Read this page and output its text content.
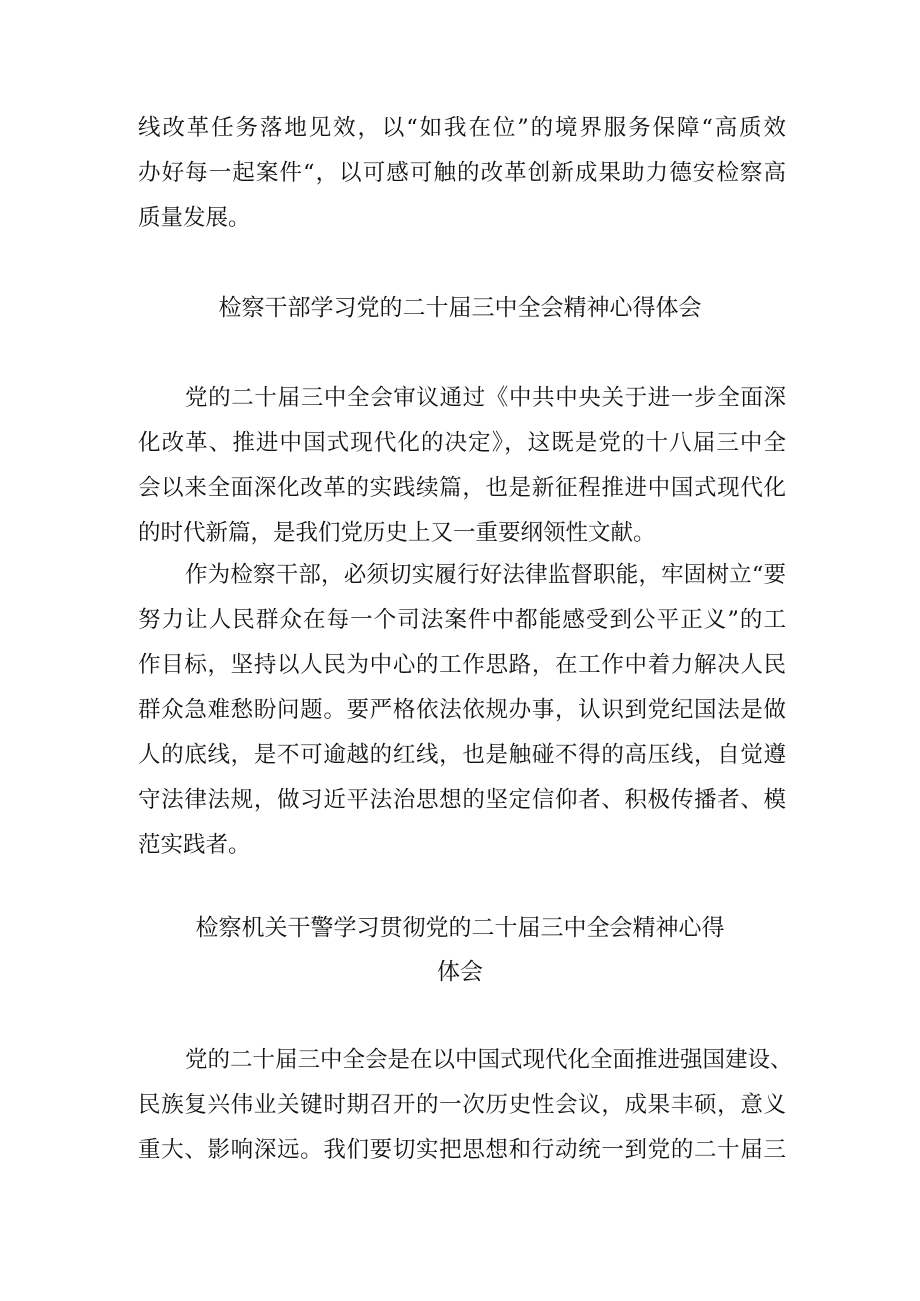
线改革任务落地见效，以“如我在位”的境界服务保障“高质效
办好每一起案件“，以可感可触的改革创新成果助力德安检察高
质量发展。
检察干部学习党的二十届三中全会精神心得体会
党的二十届三中全会审议通过《中共中央关于进一步全面深
化改革、推进中国式现代化的决定》，这既是党的十八届三中全
会以来全面深化改革的实践续篇，也是新征程推进中国式现代化
的时代新篇，是我们党历史上又一重要纲领性文献。
作为检察干部，必须切实履行好法律监督职能，牢固树立“要
努力让人民群众在每一个司法案件中都能感受到公平正义”的工
作目标，坚持以人民为中心的工作思路，在工作中着力解决人民
群众急难愁盼问题。要严格依法依规办事，认识到党纪国法是做
人的底线，是不可逾越的红线，也是触碰不得的高压线，自觉遵
守法律法规，做习近平法治思想的坚定信仰者、积极传播者、模
范实践者。
检察机关干警学习贯彻党的二十届三中全会精神心得
体会
党的二十届三中全会是在以中国式现代化全面推进强国建设、
民族复兴伟业关键时期召开的一次历史性会议，成果丰硕，意义
重大、影响深远。我们要切实把思想和行动统一到党的二十届三
